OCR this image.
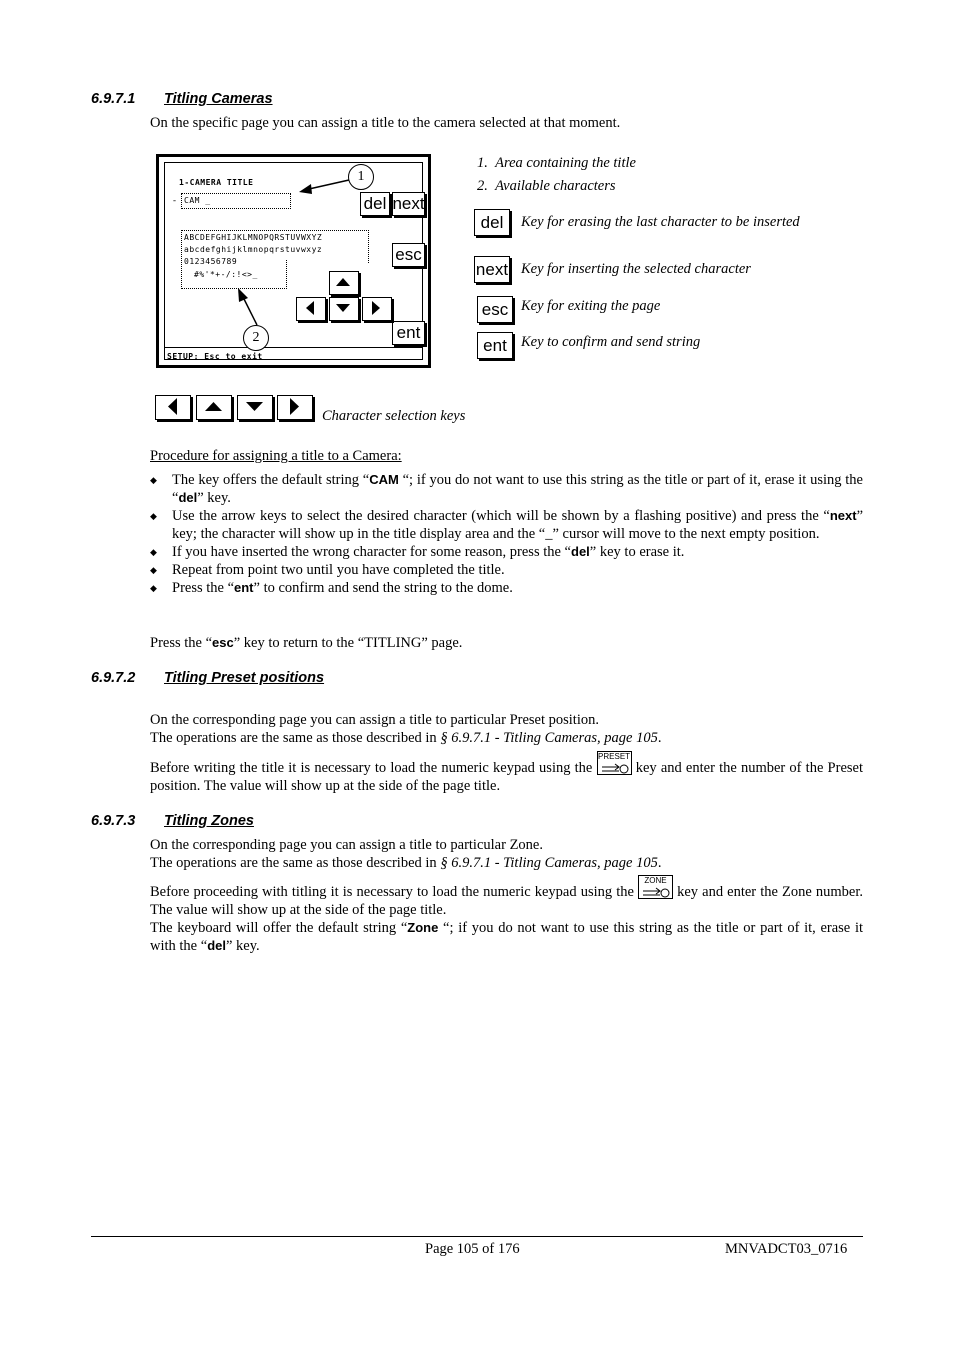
6.9.7.1 Titling Cameras
On the specific page you can assign a title to the camera selected at that moment.
1-CAMERA TITLE
- CAM _
ABCDEFGHIJKLMNOPQRSTUVWXYZ
abcdefghijklmnopqrstuvwxyz
0123456789
#%'*+-/:!<>_
del next
esc
ent
SETUP: Esc to exit
1
2
1.  Area containing the title
2.  Available characters
del	Key for erasing the last character to be inserted
next Key for inserting the selected character
esc Key for exiting the page
ent Key to confirm and send string
Character selection keys
Procedure for assigning a title to a Camera:
◆ The key offers the default string “CAM “; if you do not want to use this string as the title or part of it, erase it using the “del” key.
◆ Use the arrow keys to select the desired character (which will be shown by a flashing positive) and press the “next” key; the character will show up in the title display area and the “_” cursor will move to the next empty position.
◆ If you have inserted the wrong character for some reason, press the “del” key to erase it.
◆ Repeat from point two until you have completed the title.
◆ Press the “ent” to confirm and send the string to the dome.
Press the “esc” key to return to the “TITLING” page.
6.9.7.2 Titling Preset positions
On the corresponding page you can assign a title to particular Preset position.
The operations are the same as those described in § 6.9.7.1 - Titling Cameras, page 105.
Before writing the title it is necessary to load the numeric keypad using the
PRESET
key and enter the number of the Preset position. The value will show up at the side of the page title.
6.9.7.3 Titling Zones
On the corresponding page you can assign a title to particular Zone.
The operations are the same as those described in § 6.9.7.1 - Titling Cameras, page 105.
Before proceeding with titling it is necessary to load the numeric keypad using the
ZONE
key and enter the Zone number. The value will show up at the side of the page title.
The keyboard will offer the default string “Zone “; if you do not want to use this string as the title or part of it, erase it with the “del” key.
Page 105 of 176	MNVADCT03_0716
